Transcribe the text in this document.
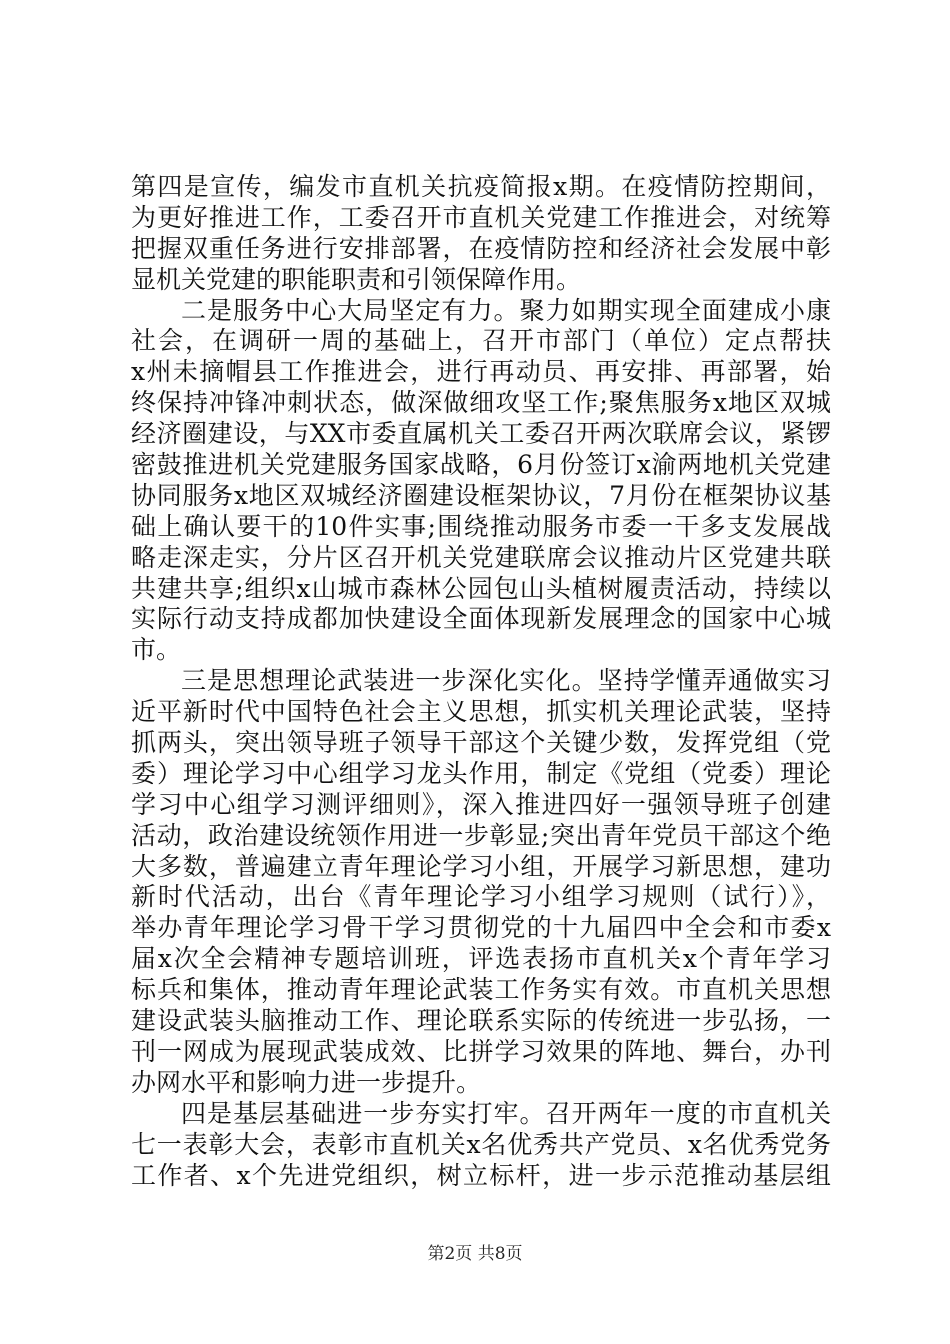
第四是宣传，编发市直机关抗疫简报x期。在疫情防控期间，
为更好推进工作，工委召开市直机关党建工作推进会，对统筹
把握双重任务进行安排部署，在疫情防控和经济社会发展中彰
显机关党建的职能职责和引领保障作用。
二是服务中心大局坚定有力。聚力如期实现全面建成小康
社会，在调研一周的基础上，召开市部门（单位）定点帮扶
x州未摘帽县工作推进会，进行再动员、再安排、再部署，始
终保持冲锋冲刺状态，做深做细攻坚工作;聚焦服务x地区双城
经济圈建设，与XX市委直属机关工委召开两次联席会议，紧锣
密鼓推进机关党建服务国家战略，6月份签订x渝两地机关党建
协同服务x地区双城经济圈建设框架协议，7月份在框架协议基
础上确认要干的10件实事;围绕推动服务市委一干多支发展战
略走深走实，分片区召开机关党建联席会议推动片区党建共联
共建共享;组织x山城市森林公园包山头植树履责活动，持续以
实际行动支持成都加快建设全面体现新发展理念的国家中心城
市。
三是思想理论武装进一步深化实化。坚持学懂弄通做实习
近平新时代中国特色社会主义思想，抓实机关理论武装，坚持
抓两头，突出领导班子领导干部这个关键少数，发挥党组（党
委）理论学习中心组学习龙头作用，制定《党组（党委）理论
学习中心组学习测评细则》，深入推进四好一强领导班子创建
活动，政治建设统领作用进一步彰显;突出青年党员干部这个绝
大多数，普遍建立青年理论学习小组，开展学习新思想，建功
新时代活动，出台《青年理论学习小组学习规则（试行）》，
举办青年理论学习骨干学习贯彻党的十九届四中全会和市委x
届x次全会精神专题培训班，评选表扬市直机关x个青年学习
标兵和集体，推动青年理论武装工作务实有效。市直机关思想
建设武装头脑推动工作、理论联系实际的传统进一步弘扬，一
刊一网成为展现武装成效、比拼学习效果的阵地、舞台，办刊
办网水平和影响力进一步提升。
四是基层基础进一步夯实打牢。召开两年一度的市直机关
七一表彰大会，表彰市直机关x名优秀共产党员、x名优秀党务
工作者、x个先进党组织，树立标杆，进一步示范推动基层组
第2页 共8页
